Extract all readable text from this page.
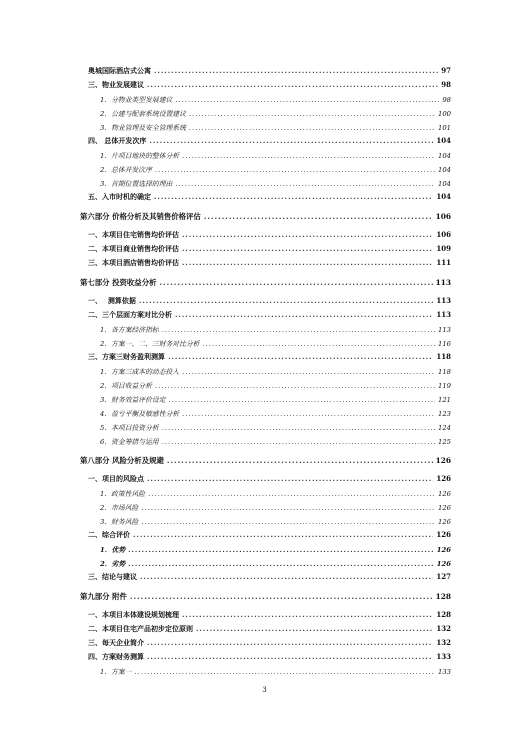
奥城国际酒店式公寓 .....	97
三、物业发展建议 .....	98
1．分物业类型发展建议 .....	98
2．公建与配套系统设置建议 .....	100
3．物业管理及安全管理系统 .....	101
四、 总体开发次序 .....	104
1．片项目地块的整体分析 .....	104
2．总体开发次序 .....	104
3．首期位置选择的理由 .....	104
五、入市时机的确定 .....	104
第六部分 价格分析及其销售价格评估 .....	106
一、本项目住宅销售均价评估 .....	106
二、本项目商业销售均价评估 .....	109
三、本项目酒店销售均价评估 .....	111
第七部分 投资收益分析 .....	113
一、　 测算依据 .....	113
二、三个层面方案对比分析 .....	113
1．各方案经济指标 .....	113
2．方案一、二、三财务对比分析 .....	116
三、方案三财务盈利测算 .....	118
1．方案三成本的动态投入 .....	118
2．项目收益分析 .....	119
3．财务效益评价设定 .....	121
4．盈亏平衡及敏感性分析 .....	123
5．本项目投资分析 .....	124
6．资金筹措与运用 .....	125
第八部分 风险分析及规避 .....	126
一、项目的风险点 .....	126
1．政策性风险 .....	126
2．市场风险 .....	126
3．财务风险 .....	126
二、综合评价 .....	126
1．优势 .....	126
2．劣势 .....	126
三、结论与建议 .....	127
第九部分 附件 .....	128
一、本项目本体建设规划梳理 .....	128
二、本项目住宅产品初步定位原则 .....	132
三、每天企业简介 .....	132
四、方案财务测算 .....	133
1．方案一 .....	133
3
